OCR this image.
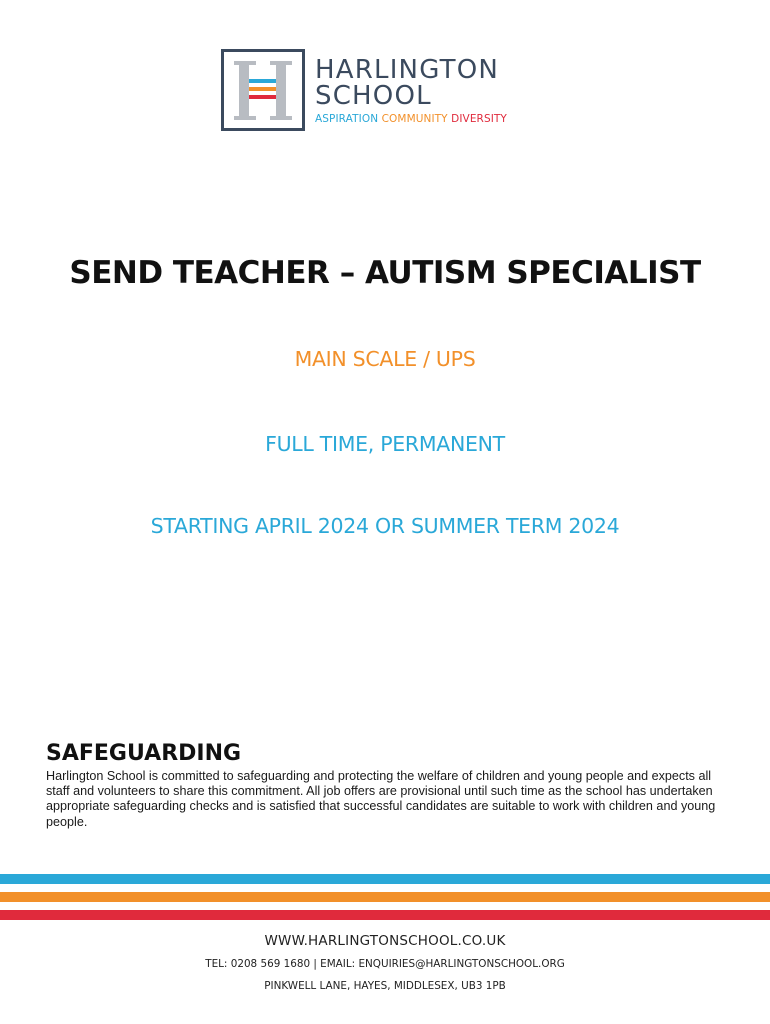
HARLINGTON

SCHOOL

ASPIRATION COMMUNITY DIVERSITY
SEND TEACHER – AUTISM SPECIALIST

MAIN SCALE / UPS

FULL TIME, PERMANENT

STARTING APRIL 2024 OR SUMMER TERM 2024

SAFEGUARDING

Harlington School is committed to safeguarding and protecting the welfare of children and young people and expects all staff and volunteers to share this commitment. All job offers are provisional until such time as the school has undertaken appropriate safeguarding checks and is satisfied that successful candidates are suitable to work with children and young people.

WWW.HARLINGTONSCHOOL.CO.UK

TEL: 0208 569 1680 | EMAIL: ENQUIRIES@HARLINGTONSCHOOL.ORG

PINKWELL LANE, HAYES, MIDDLESEX, UB3 1PB
